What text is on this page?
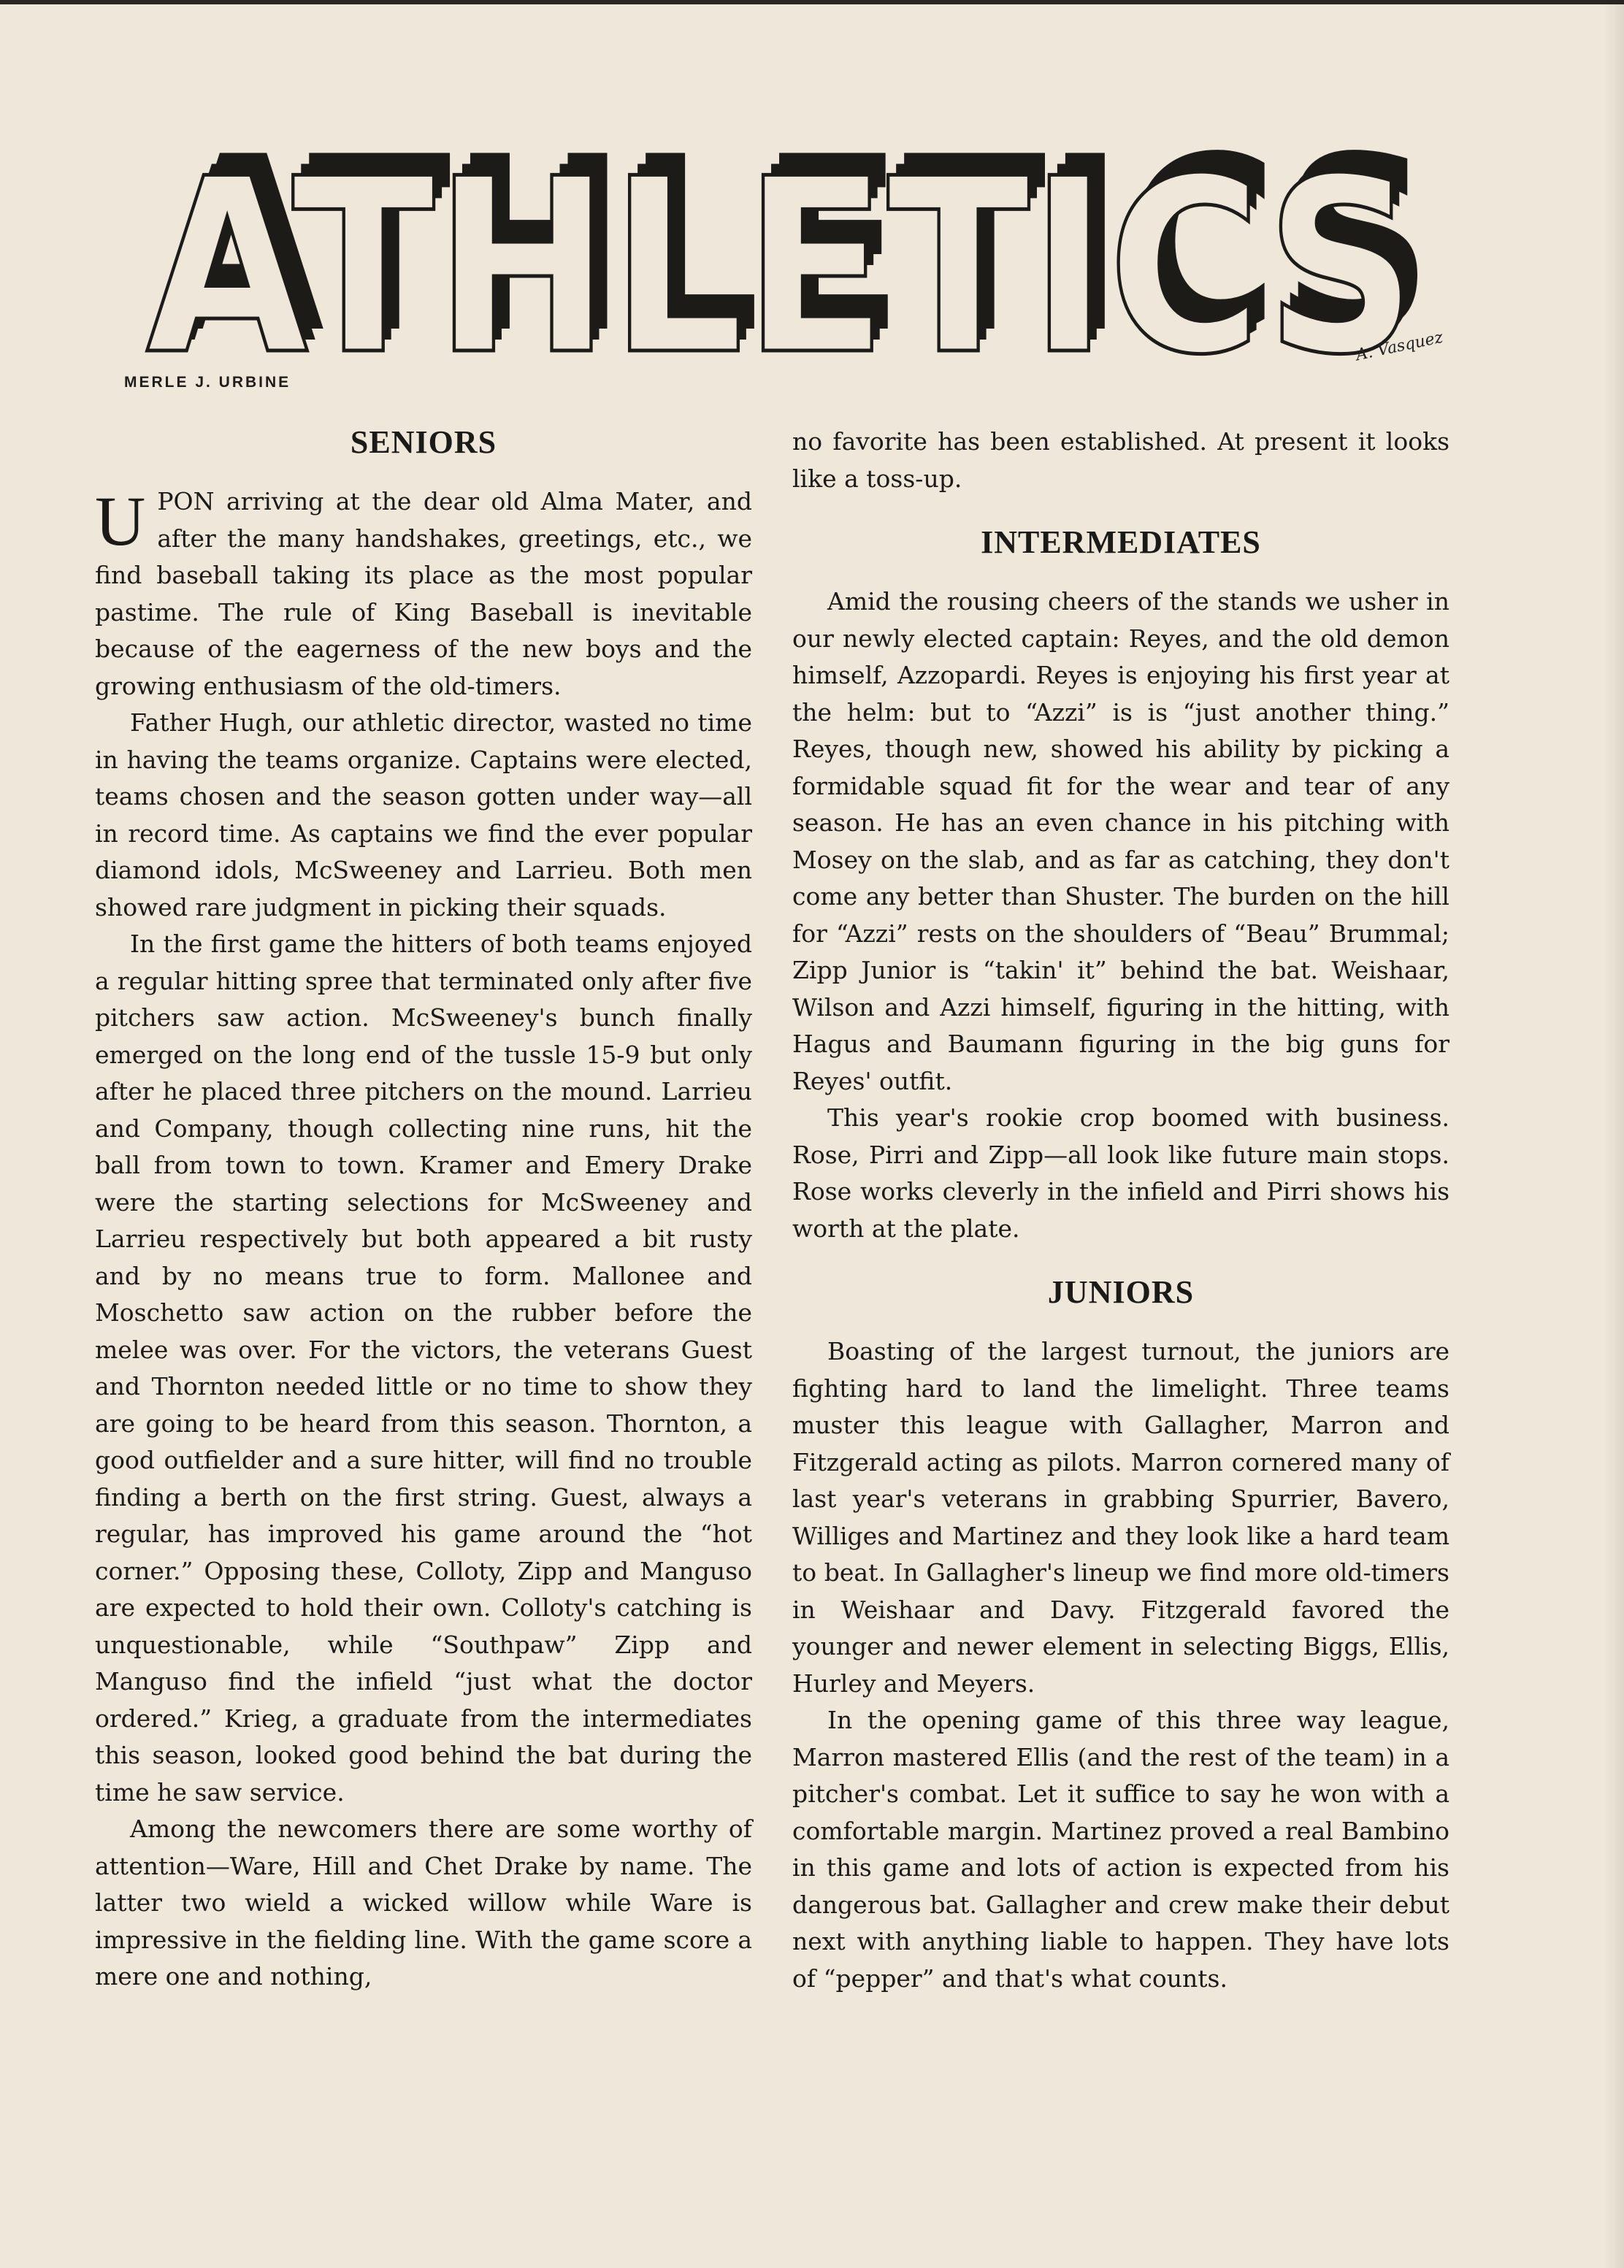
ATHLETICS
ATHLETICS
ATHLETICS
A. Vasquez
MERLE J. URBINE
SENIORS

UPON arriving at the dear old Alma Mater, and after the many handshakes, greetings, etc., we find baseball taking its place as the most popular pastime. The rule of King Baseball is inevitable because of the eagerness of the new boys and the growing enthusiasm of the old-timers.

Father Hugh, our athletic director, wasted no time in having the teams organize. Captains were elected, teams chosen and the season gotten under way—all in record time. As captains we find the ever popular diamond idols, McSweeney and Larrieu. Both men showed rare judgment in picking their squads.

In the first game the hitters of both teams enjoyed a regular hitting spree that terminated only after five pitchers saw action. McSweeney's bunch finally emerged on the long end of the tussle 15-9 but only after he placed three pitchers on the mound. Larrieu and Company, though collecting nine runs, hit the ball from town to town. Kramer and Emery Drake were the starting selections for McSweeney and Larrieu respectively but both appeared a bit rusty and by no means true to form. Mallonee and Moschetto saw action on the rubber before the melee was over. For the victors, the veterans Guest and Thornton needed little or no time to show they are going to be heard from this season. Thornton, a good outfielder and a sure hitter, will find no trouble finding a berth on the first string. Guest, always a regular, has improved his game around the “hot corner.” Opposing these, Colloty, Zipp and Manguso are expected to hold their own. Colloty's catching is unquestionable, while “Southpaw” Zipp and Manguso find the infield “just what the doctor ordered.” Krieg, a graduate from the intermediates this season, looked good behind the bat during the time he saw service.

Among the newcomers there are some worthy of attention—Ware, Hill and Chet Drake by name. The latter two wield a wicked willow while Ware is impressive in the fielding line. With the game score a mere one and nothing,

no favorite has been established. At present it looks like a toss-up.

INTERMEDIATES

Amid the rousing cheers of the stands we usher in our newly elected captain: Reyes, and the old demon himself, Azzopardi. Reyes is enjoying his first year at the helm: but to “Azzi” is is “just another thing.” Reyes, though new, showed his ability by picking a formidable squad fit for the wear and tear of any season. He has an even chance in his pitching with Mosey on the slab, and as far as catching, they don't come any better than Shuster. The burden on the hill for “Azzi” rests on the shoulders of “Beau” Brummal; Zipp Junior is “takin' it” behind the bat. Weishaar, Wilson and Azzi himself, figuring in the hitting, with Hagus and Baumann figuring in the big guns for Reyes' outfit.

This year's rookie crop boomed with business. Rose, Pirri and Zipp—all look like future main stops. Rose works cleverly in the infield and Pirri shows his worth at the plate.

JUNIORS

Boasting of the largest turnout, the juniors are fighting hard to land the limelight. Three teams muster this league with Gallagher, Marron and Fitzgerald acting as pilots. Marron cornered many of last year's veterans in grabbing Spurrier, Bavero, Williges and Martinez and they look like a hard team to beat. In Gallagher's lineup we find more old-timers in Weishaar and Davy. Fitzgerald favored the younger and newer element in selecting Biggs, Ellis, Hurley and Meyers.

In the opening game of this three way league, Marron mastered Ellis (and the rest of the team) in a pitcher's combat. Let it suffice to say he won with a comfortable margin. Martinez proved a real Bambino in this game and lots of action is expected from his dangerous bat. Gallagher and crew make their debut next with anything liable to happen. They have lots of “pepper” and that's what counts.
